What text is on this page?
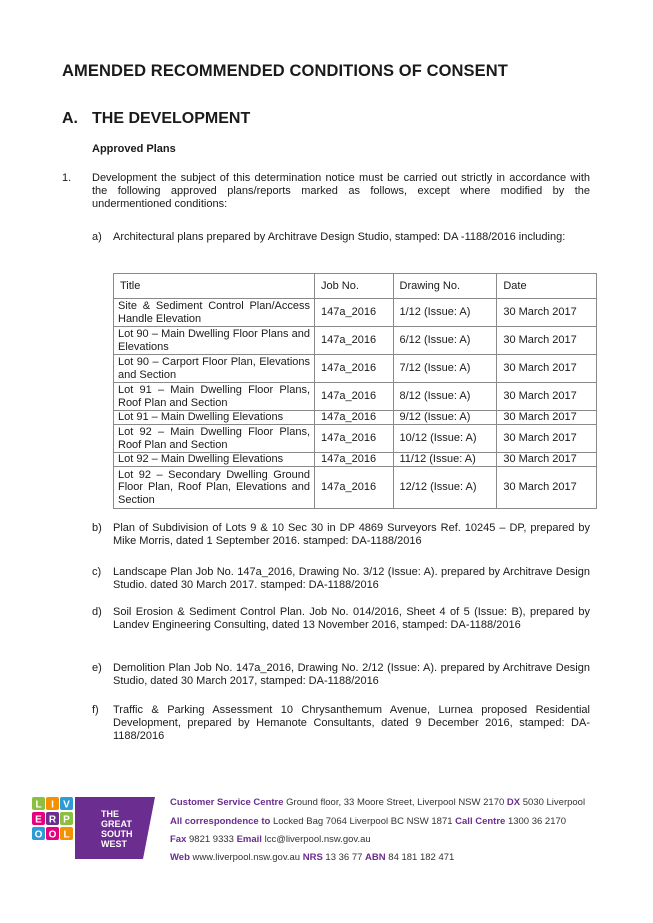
AMENDED RECOMMENDED CONDITIONS OF CONSENT
A. THE DEVELOPMENT
Approved Plans
1. Development the subject of this determination notice must be carried out strictly in accordance with the following approved plans/reports marked as follows, except where modified by the undermentioned conditions:
a) Architectural plans prepared by Architrave Design Studio, stamped: DA -1188/2016 including:
Title	Job No.	Drawing No.	Date
Site & Sediment Control Plan/Access Handle Elevation	147a_2016	1/12 (Issue: A)	30 March 2017
Lot 90 – Main Dwelling Floor Plans and Elevations	147a_2016	6/12 (Issue: A)	30 March 2017
Lot 90 – Carport Floor Plan, Elevations and Section	147a_2016	7/12 (Issue: A)	30 March 2017
Lot 91 – Main Dwelling Floor Plans, Roof Plan and Section	147a_2016	8/12 (Issue: A)	30 March 2017
Lot 91 – Main Dwelling Elevations	147a_2016	9/12 (Issue: A)	30 March 2017
Lot 92 – Main Dwelling Floor Plans, Roof Plan and Section	147a_2016	10/12 (Issue: A)	30 March 2017
Lot 92 – Main Dwelling Elevations	147a_2016	11/12 (Issue: A)	30 March 2017
Lot 92 – Secondary Dwelling Ground Floor Plan, Roof Plan, Elevations and Section	147a_2016	12/12 (Issue: A)	30 March 2017
b) Plan of Subdivision of Lots 9 & 10 Sec 30 in DP 4869 Surveyors Ref. 10245 – DP, prepared by Mike Morris, dated 1 September 2016. stamped: DA-1188/2016
c) Landscape Plan Job No. 147a_2016, Drawing No. 3/12 (Issue: A). prepared by Architrave Design Studio. dated 30 March 2017. stamped: DA-1188/2016
d) Soil Erosion & Sediment Control Plan. Job No. 014/2016, Sheet 4 of 5 (Issue: B), prepared by Landev Engineering Consulting, dated 13 November 2016, stamped: DA-1188/2016
e) Demolition Plan Job No. 147a_2016, Drawing No. 2/12 (Issue: A). prepared by Architrave Design Studio, dated 30 March 2017, stamped: DA-1188/2016
f) Traffic & Parking Assessment 10 Chrysanthemum Avenue, Lurnea proposed Residential Development, prepared by Hemanote Consultants, dated 9 December 2016, stamped: DA-1188/2016
L I V
E R P
O O L
THE
GREAT
SOUTH
WEST
Customer Service Centre Ground floor, 33 Moore Street, Liverpool NSW 2170 DX 5030 Liverpool
All correspondence to Locked Bag 7064 Liverpool BC NSW 1871 Call Centre 1300 36 2170
Fax 9821 9333 Email lcc@liverpool.nsw.gov.au
Web www.liverpool.nsw.gov.au NRS 13 36 77 ABN 84 181 182 471
